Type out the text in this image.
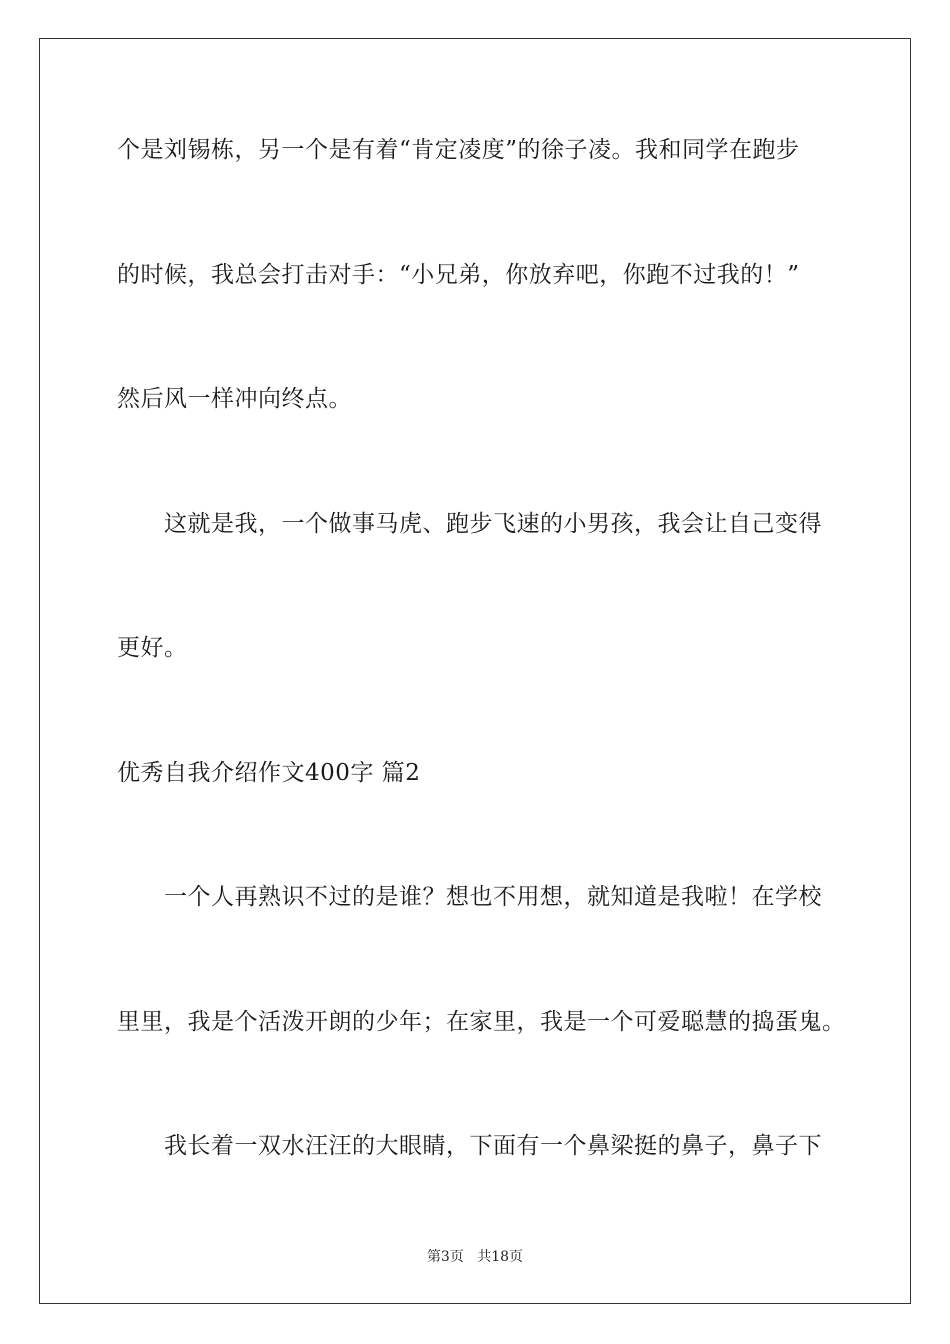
个是刘锡栋，另一个是有着“肯定凌度”的徐子凌。我和同学在跑步
的时候，我总会打击对手：“小兄弟，你放弃吧，你跑不过我的！”
然后风一样冲向终点。
这就是我，一个做事马虎、跑步飞速的小男孩，我会让自己变得
更好。
优秀自我介绍作文400字 篇2
一个人再熟识不过的是谁？想也不用想，就知道是我啦！在学校
里里，我是个活泼开朗的少年；在家里，我是一个可爱聪慧的捣蛋鬼。
我长着一双水汪汪的大眼睛，下面有一个鼻梁挺的鼻子，鼻子下
第3页 共18页
